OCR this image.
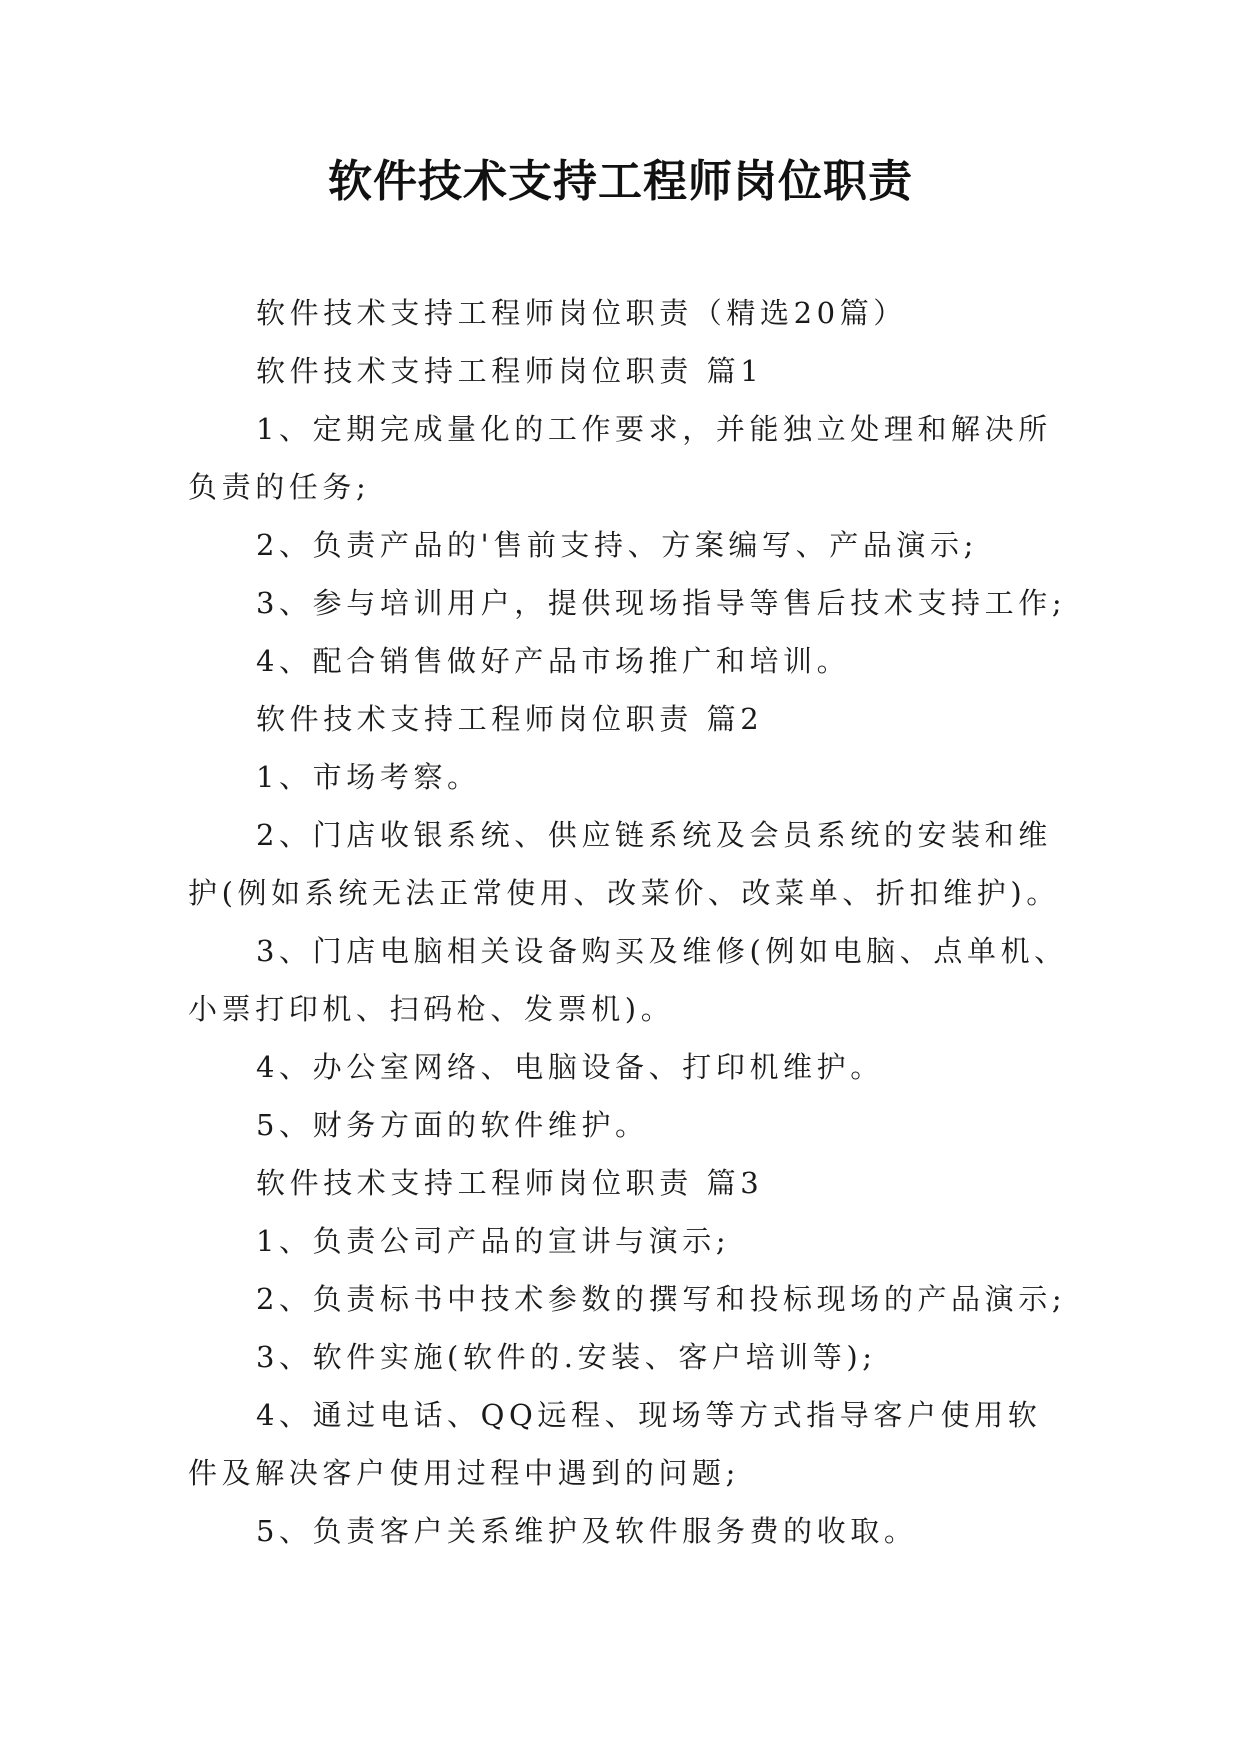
软件技术支持工程师岗位职责

软件技术支持工程师岗位职责（精选20篇）

软件技术支持工程师岗位职责 篇1

1、定期完成量化的工作要求，并能独立处理和解决所负责的任务;

2、负责产品的'售前支持、方案编写、产品演示;

3、参与培训用户，提供现场指导等售后技术支持工作;

4、配合销售做好产品市场推广和培训。

软件技术支持工程师岗位职责 篇2

1、市场考察。

2、门店收银系统、供应链系统及会员系统的安装和维护(例如系统无法正常使用、改菜价、改菜单、折扣维护)。

3、门店电脑相关设备购买及维修(例如电脑、点单机、小票打印机、扫码枪、发票机)。

4、办公室网络、电脑设备、打印机维护。

5、财务方面的软件维护。

软件技术支持工程师岗位职责 篇3

1、负责公司产品的宣讲与演示;

2、负责标书中技术参数的撰写和投标现场的产品演示;

3、软件实施(软件的.安装、客户培训等);

4、通过电话、QQ远程、现场等方式指导客户使用软件及解决客户使用过程中遇到的问题;

5、负责客户关系维护及软件服务费的收取。
